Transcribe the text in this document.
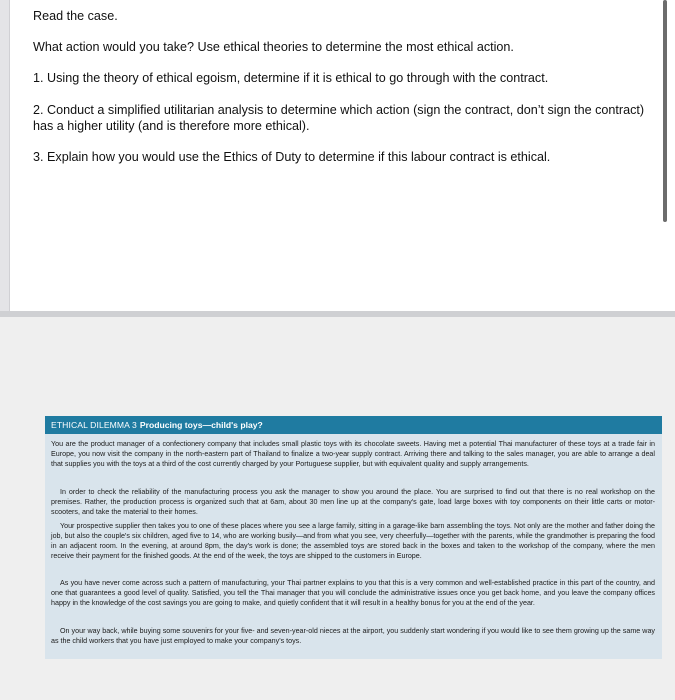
Read the case.

What action would you take? Use ethical theories to determine the most ethical action.

1. Using the theory of ethical egoism, determine if it is ethical to go through with the contract.

2. Conduct a simplified utilitarian analysis to determine which action (sign the contract, don’t sign the contract)

has a higher utility (and is therefore more ethical).

3. Explain how you would use the Ethics of Duty to determine if this labour contract is ethical.

ETHICAL DILEMMA 3 Producing toys—child's play?

You are the product manager of a confectionery company that includes small plastic toys with its chocolate sweets. Having met a potential Thai manufacturer of these toys at a trade fair in Europe, you now visit the company in the north-eastern part of Thailand to finalize a two-year supply contract. Arriving there and talking to the sales manager, you are able to arrange a deal that supplies you with the toys at a third of the cost currently charged by your Portuguese supplier, but with equivalent quality and supply arrangements.

In order to check the reliability of the manufacturing process you ask the manager to show you around the place. You are surprised to find out that there is no real workshop on the premises. Rather, the production process is organized such that at 6am, about 30 men line up at the company's gate, load large boxes with toy components on their little carts or motor-scooters, and take the material to their homes.

Your prospective supplier then takes you to one of these places where you see a large family, sitting in a garage-like barn assembling the toys. Not only are the mother and father doing the job, but also the couple's six children, aged five to 14, who are working busily—and from what you see, very cheerfully—together with the parents, while the grandmother is preparing the food in an adjacent room. In the evening, at around 8pm, the day's work is done; the assembled toys are stored back in the boxes and taken to the workshop of the company, where the men receive their payment for the finished goods. At the end of the week, the toys are shipped to the customers in Europe.

As you have never come across such a pattern of manufacturing, your Thai partner explains to you that this is a very common and well-established practice in this part of the country, and one that guarantees a good level of quality. Satisfied, you tell the Thai manager that you will conclude the administrative issues once you get back home, and you leave the company offices happy in the knowledge of the cost savings you are going to make, and quietly confident that it will result in a healthy bonus for you at the end of the year.

On your way back, while buying some souvenirs for your five- and seven-year-old nieces at the airport, you suddenly start wondering if you would like to see them growing up the same way as the child workers that you have just employed to make your company's toys.
